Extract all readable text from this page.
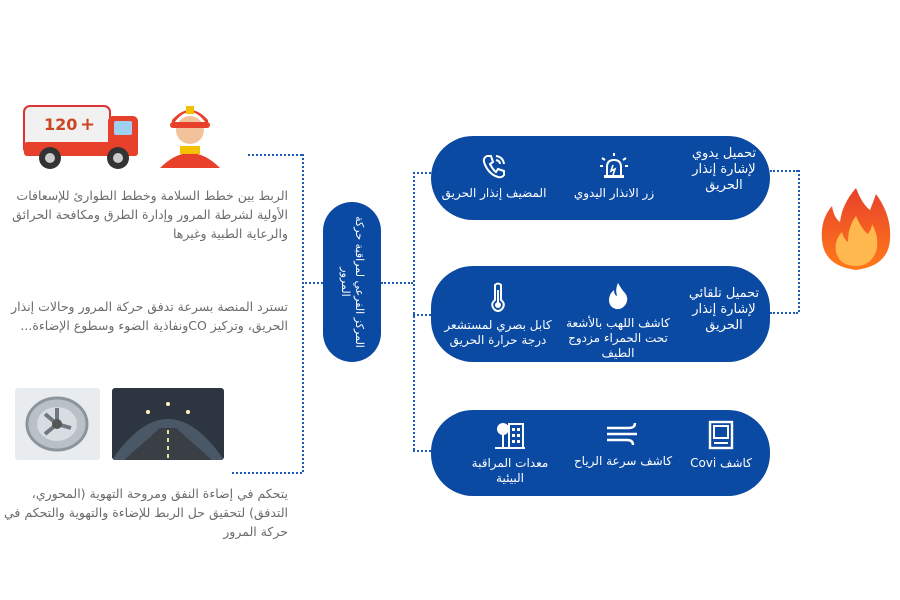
120 +
الربط بين خطط السلامة وخطط الطوارئ للإسعافات الأولية لشرطة المرور وإدارة الطرق ومكافحة الحرائق والرعاية الطبية وغيرها
تسترد المنصة بسرعة تدفق حركة المرور وحالات إنذار الحريق، وتركيز COونفاذية الضوء وسطوع الإضاءة...
يتحكم في إضاءة النفق ومروحة التهوية (المحوري، التدفق) لتحقيق حل الربط للإضاءة والتهوية والتحكم في حركة المرور
المركز الفرعي لمراقبة حركة
المرور
تحميل يدوي
لإشارة إنذار
الحريق
المضيف إنذار الحريق زر الانذار اليدوي
تحميل تلقائي
لإشارة إنذار
الحريق
كابل بصري لمستشعر
درجة حرارة الحريق
كاشف اللهب بالأشعة
تحت الحمراء مزدوج
الطيف
معدات المراقبة
البيئية
كاشف سرعة الرياح كاشف Covi
